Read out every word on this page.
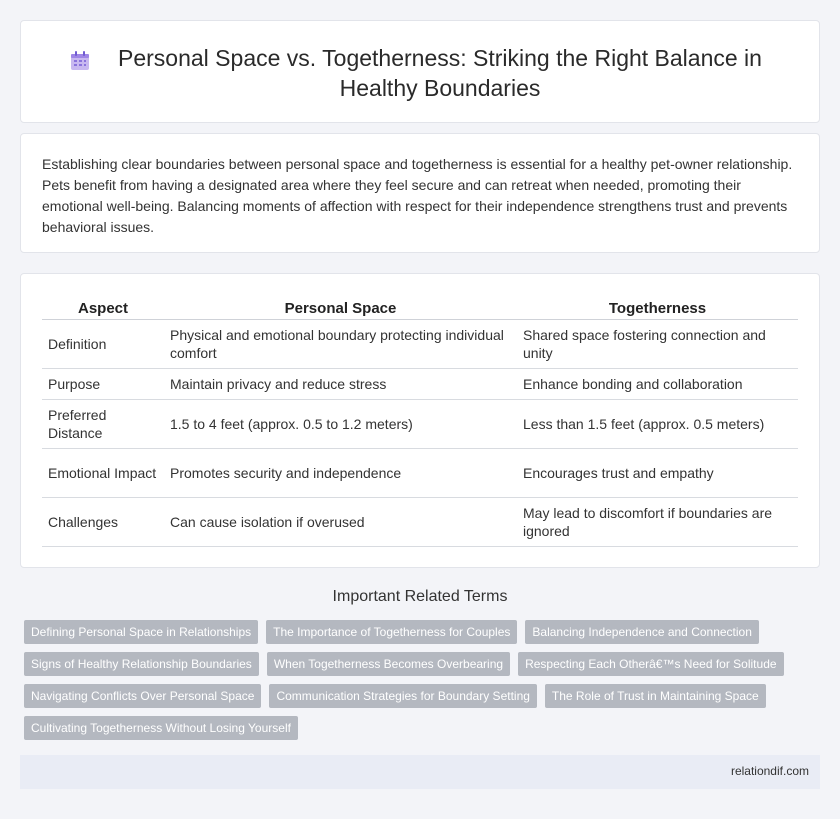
Personal Space vs. Togetherness: Striking the Right Balance in Healthy Boundaries

Establishing clear boundaries between personal space and togetherness is essential for a healthy pet-owner relationship. Pets benefit from having a designated area where they feel secure and can retreat when needed, promoting their emotional well-being. Balancing moments of affection with respect for their independence strengthens trust and prevents behavioral issues.

Aspect	Personal Space	Togetherness
Definition	Physical and emotional boundary protecting individual comfort	Shared space fostering connection and unity
Purpose	Maintain privacy and reduce stress	Enhance bonding and collaboration
Preferred Distance	1.5 to 4 feet (approx. 0.5 to 1.2 meters)	Less than 1.5 feet (approx. 0.5 meters)
Emotional Impact	Promotes security and independence	Encourages trust and empathy
Challenges	Can cause isolation if overused	May lead to discomfort if boundaries are ignored
Important Related Terms
Defining Personal Space in Relationships	The Importance of Togetherness for Couples	Balancing Independence and Connection
Signs of Healthy Relationship Boundaries	When Togetherness Becomes Overbearing	Respecting Each Otherâ€™s Need for Solitude
Navigating Conflicts Over Personal Space	Communication Strategies for Boundary Setting	The Role of Trust in Maintaining Space
Cultivating Togetherness Without Losing Yourself
relationdif.com
